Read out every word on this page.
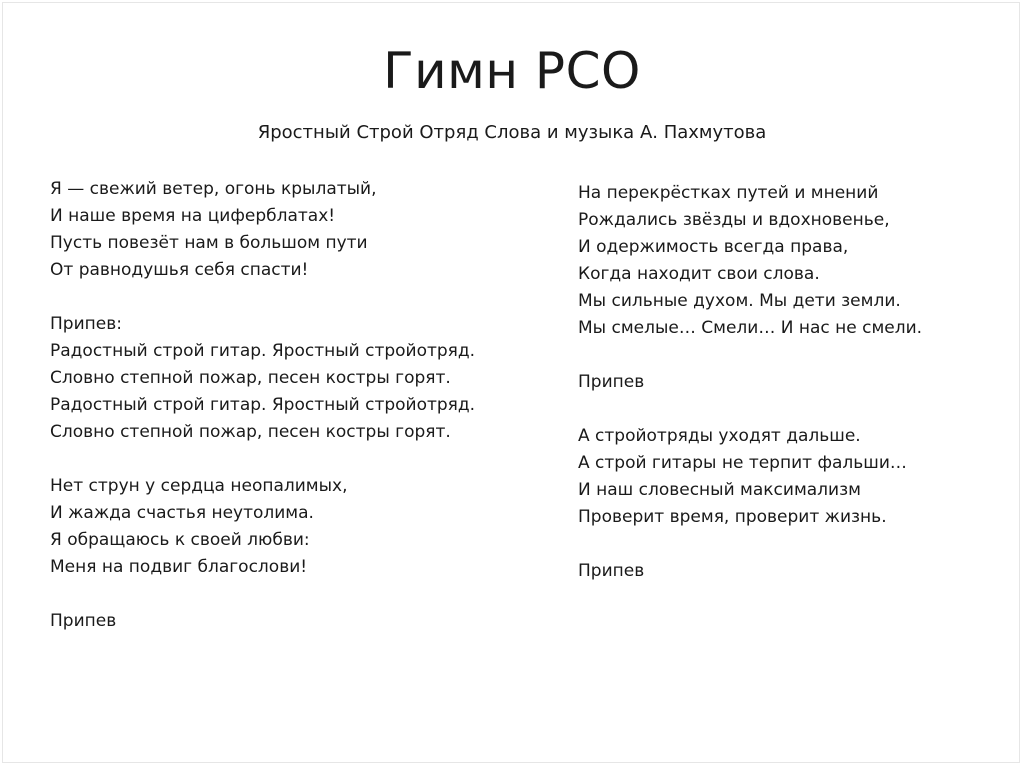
Гимн РСО

Яростный Строй Отряд Слова и музыка А. Пахмутова

Я — свежий ветер, огонь крылатый,
И наше время на циферблатах!
Пусть повезёт нам в большом пути
От равнодушья себя спасти!
Припев:
Радостный строй гитар. Яростный стройотряд.
Словно степной пожар, песен костры горят.
Радостный строй гитар. Яростный стройотряд.
Словно степной пожар, песен костры горят.
Нет струн у сердца неопалимых,
И жажда счастья неутолима.
Я обращаюсь к своей любви:
Меня на подвиг благослови!
Припев
На перекрёстках путей и мнений
Рождались звёзды и вдохновенье,
И одержимость всегда права,
Когда находит свои слова.
Мы сильные духом. Мы дети земли.
Мы смелые… Смели… И нас не смели.
Припев
А стройотряды уходят дальше.
А строй гитары не терпит фальши…
И наш словесный максимализм
Проверит время, проверит жизнь.
Припев
